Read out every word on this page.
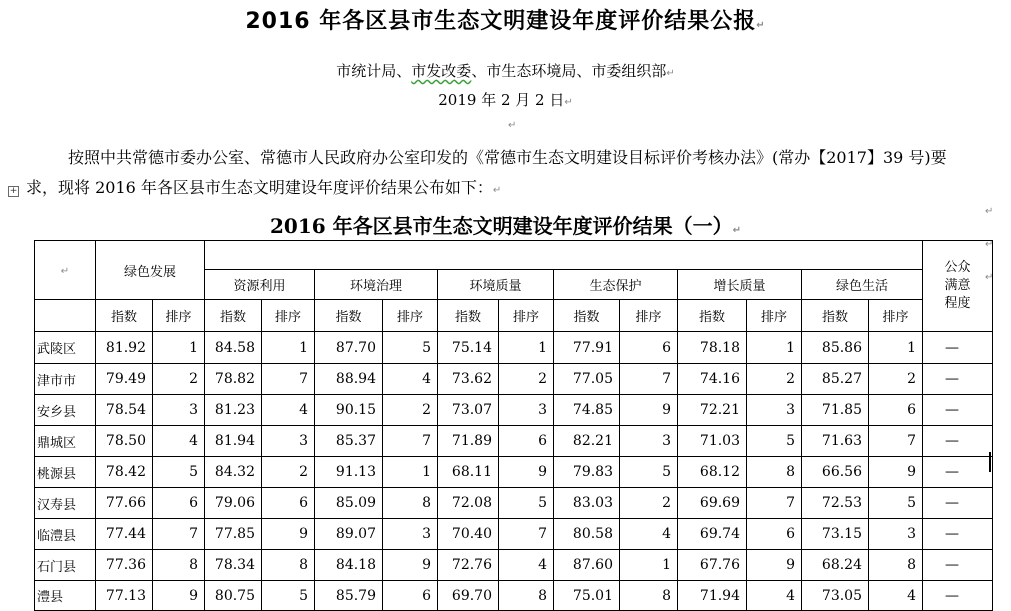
2016 年各区县市生态文明建设年度评价结果公报↵
市统计局、市发改委、市生态环境局、市委组织部↵
2019 年 2 月 2 日↵
↵
按照中共常德市委办公室、常德市人民政府办公室印发的《常德市生态文明建设目标评价考核办法》(常办【2017】39 号)要求，现将 2016 年各区县市生态文明建设年度评价结果公布如下：↵
+
2016 年各区县市生态文明建设年度评价结果（一）↵
↵
↵
↵
↵	绿色发展														公众
满意
程度

			资源利用		环境治理		环境质量		生态保护		增长质量		绿色生活		
	指数	排序	指数	排序	指数	排序	指数	排序	指数	排序	指数	排序	指数	排序	
武陵区	81.92	1	84.58	1	87.70	5	75.14	1	77.91	6	78.18	1	85.86	1	—
津市市	79.49	2	78.82	7	88.94	4	73.62	2	77.05	7	74.16	2	85.27	2	—
安乡县	78.54	3	81.23	4	90.15	2	73.07	3	74.85	9	72.21	3	71.85	6	—
鼎城区	78.50	4	81.94	3	85.37	7	71.89	6	82.21	3	71.03	5	71.63	7	—
桃源县	78.42	5	84.32	2	91.13	1	68.11	9	79.83	5	68.12	8	66.56	9	—
汉寿县	77.66	6	79.06	6	85.09	8	72.08	5	83.03	2	69.69	7	72.53	5	—
临澧县	77.44	7	77.85	9	89.07	3	70.40	7	80.58	4	69.74	6	73.15	3	—
石门县	77.36	8	78.34	8	84.18	9	72.76	4	87.60	1	67.76	9	68.24	8	—
澧县	77.13	9	80.75	5	85.79	6	69.70	8	75.01	8	71.94	4	73.05	4	—
